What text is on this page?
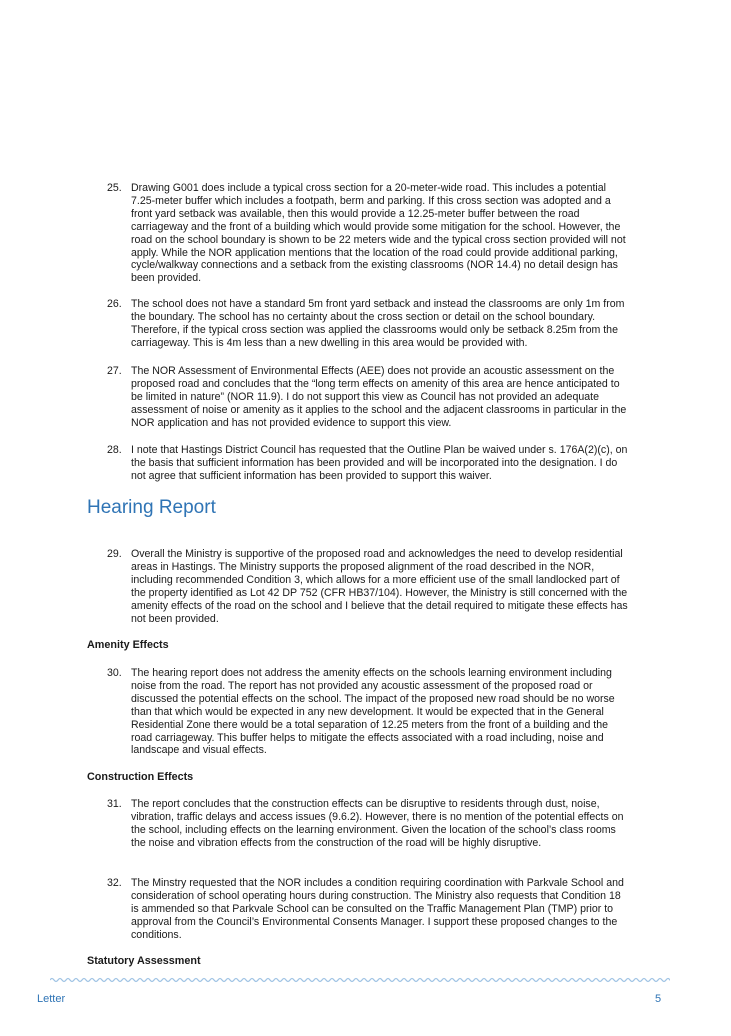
25. Drawing G001 does include a typical cross section for a 20-meter-wide road. This includes a potential 7.25-meter buffer which includes a footpath, berm and parking. If this cross section was adopted and a front yard setback was available, then this would provide a 12.25-meter buffer between the road carriageway and the front of a building which would provide some mitigation for the school. However, the road on the school boundary is shown to be 22 meters wide and the typical cross section provided will not apply. While the NOR application mentions that the location of the road could provide additional parking, cycle/walkway connections and a setback from the existing classrooms (NOR 14.4) no detail design has been provided.
26. The school does not have a standard 5m front yard setback and instead the classrooms are only 1m from the boundary. The school has no certainty about the cross section or detail on the school boundary. Therefore, if the typical cross section was applied the classrooms would only be setback 8.25m from the carriageway. This is 4m less than a new dwelling in this area would be provided with.
27. The NOR Assessment of Environmental Effects (AEE) does not provide an acoustic assessment on the proposed road and concludes that the “long term effects on amenity of this area are hence anticipated to be limited in nature” (NOR 11.9). I do not support this view as Council has not provided an adequate assessment of noise or amenity as it applies to the school and the adjacent classrooms in particular in the NOR application and has not provided evidence to support this view.
28. I note that Hastings District Council has requested that the Outline Plan be waived under s. 176A(2)(c), on the basis that sufficient information has been provided and will be incorporated into the designation. I do not agree that sufficient information has been provided to support this waiver.
Hearing Report
29. Overall the Ministry is supportive of the proposed road and acknowledges the need to develop residential areas in Hastings. The Ministry supports the proposed alignment of the road described in the NOR, including recommended Condition 3, which allows for a more efficient use of the small landlocked part of the property identified as Lot 42 DP 752 (CFR HB37/104). However, the Ministry is still concerned with the amenity effects of the road on the school and I believe that the detail required to mitigate these effects has not been provided.
Amenity Effects
30. The hearing report does not address the amenity effects on the schools learning environment including noise from the road. The report has not provided any acoustic assessment of the proposed road or discussed the potential effects on the school. The impact of the proposed new road should be no worse than that which would be expected in any new development. It would be expected that in the General Residential Zone there would be a total separation of 12.25 meters from the front of a building and the road carriageway. This buffer helps to mitigate the effects associated with a road including, noise and landscape and visual effects.
Construction Effects
31. The report concludes that the construction effects can be disruptive to residents through dust, noise, vibration, traffic delays and access issues (9.6.2). However, there is no mention of the potential effects on the school, including effects on the learning environment. Given the location of the school’s class rooms the noise and vibration effects from the construction of the road will be highly disruptive.
32. The Minstry requested that the NOR includes a condition requiring coordination with Parkvale School and consideration of school operating hours during construction. The Ministry also requests that Condition 18 is ammended so that Parkvale School can be consulted on the Traffic Management Plan (TMP) prior to approval from the Council’s Environmental Consents Manager. I support these proposed changes to the conditions.
Statutory Assessment
Letter	5
